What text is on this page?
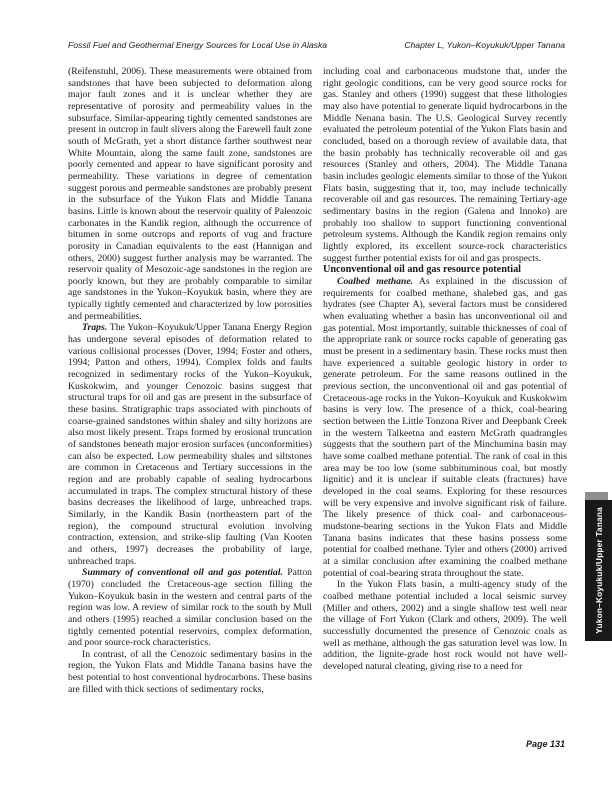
Fossil Fuel and Geothermal Energy Sources for Local Use in Alaska	Chapter L, Yukon–Koyukuk/Upper Tanana

(Reifenstuhl, 2006). These measurements were obtained from sandstones that have been subjected to deformation along major fault zones and it is unclear whether they are representative of porosity and permeability values in the subsurface. Similar-appearing tightly cemented sandstones are present in outcrop in fault slivers along the Farewell fault zone south of McGrath, yet a short distance farther southwest near White Mountain, along the same fault zone, sandstones are poorly cemented and appear to have significant porosity and permeability. These variations in degree of cementation suggest porous and permeable sandstones are probably present in the subsurface of the Yukon Flats and Middle Tanana basins. Little is known about the reservoir quality of Paleozoic carbonates in the Kandik region, although the occurrence of bitumen in some outcrops and reports of vug and fracture porosity in Canadian equivalents to the east (Hannigan and others, 2000) suggest further analysis may be warranted. The reservoir quality of Mesozoic-age sandstones in the region are poorly known, but they are probably comparable to similar age sandstones in the Yukon–Koyukuk basin, where they are typically tightly cemented and characterized by low porosities and permeabilities.

Traps. The Yukon–Koyukuk/Upper Tanana Energy Region has undergone several episodes of deformation related to various collisional processes (Dover, 1994; Foster and others, 1994; Patton and others, 1994). Complex folds and faults recognized in sedimentary rocks of the Yukon–Koyukuk, Kuskokwim, and younger Cenozoic basins suggest that structural traps for oil and gas are present in the subsurface of these basins. Stratigraphic traps associated with pinchouts of coarse-grained sandstones within shaley and silty horizons are also most likely present. Traps formed by erosional truncation of sandstones beneath major erosion surfaces (unconformities) can also be expected. Low permeability shales and siltstones are common in Cretaceous and Tertiary successions in the region and are probably capable of sealing hydrocarbons accumulated in traps. The complex structural history of these basins decreases the likelihood of large, unbreached traps. Similarly, in the Kandik Basin (northeastern part of the region), the compound structural evolution involving contraction, extension, and strike-slip faulting (Van Kooten and others, 1997) decreases the probability of large, unbreached traps.

Summary of conventional oil and gas potential. Patton (1970) concluded the Cretaceous-age section filling the Yukon–Koyukuk basin in the western and central parts of the region was low. A review of similar rock to the south by Mull and others (1995) reached a similar conclusion based on the tightly cemented potential reservoirs, complex deformation, and poor source-rock characteristics.

In contrast, of all the Cenozoic sedimentary basins in the region, the Yukon Flats and Middle Tanana basins have the best potential to host conventional hydrocarbons. These basins are filled with thick sections of sedimentary rocks,

including coal and carbonaceous mudstone that, under the right geologic conditions, can be very good source rocks for gas. Stanley and others (1990) suggest that these lithologies may also have potential to generate liquid hydrocarbons in the Middle Nenana basin. The U.S. Geological Survey recently evaluated the petroleum potential of the Yukon Flats basin and concluded, based on a thorough review of available data, that the basin probably has technically recoverable oil and gas resources (Stanley and others, 2004). The Middle Tanana basin includes geologic elements similar to those of the Yukon Flats basin, suggesting that it, too, may include technically recoverable oil and gas resources. The remaining Tertiary-age sedimentary basins in the region (Galena and Innoko) are probably too shallow to support functioning conventional petroleum systems. Although the Kandik region remains only lightly explored, its excellent source-rock characteristics suggest further potential exists for oil and gas prospects.

Unconventional oil and gas resource potential

Coalbed methane. As explained in the discussion of requirements for coalbed methane, shalebed gas, and gas hydrates (see Chapter A), several factors must be considered when evaluating whether a basin has unconventional oil and gas potential. Most importantly, suitable thicknesses of coal of the appropriate rank or source rocks capable of generating gas must be present in a sedimentary basin. These rocks must then have experienced a suitable geologic history in order to generate petroleum. For the same reasons outlined in the previous section, the unconventional oil and gas potential of Cretaceous-age rocks in the Yukon–Koyukuk and Kuskokwim basins is very low. The presence of a thick, coal-bearing section between the Little Tonzona River and Deepbank Creek in the western Talkeetna and eastern McGrath quadrangles suggests that the southern part of the Minchumina basin may have some coalbed methane potential. The rank of coal in this area may be too low (some subbituminous coal, but mostly lignitic) and it is unclear if suitable cleats (fractures) have developed in the coal seams. Exploring for these resources will be very expensive and involve significant risk of failure. The likely presence of thick coal- and carbonaceous-mudstone-bearing sections in the Yukon Flats and Middle Tanana basins indicates that these basins possess some potential for coalbed methane. Tyler and others (2000) arrived at a similar conclusion after examining the coalbed methane potential of coal-bearing strata throughout the state.

In the Yukon Flats basin, a multi-agency study of the coalbed methane potential included a local seismic survey (Miller and others, 2002) and a single shallow test well near the village of Fort Yukon (Clark and others, 2009). The well successfully documented the presence of Cenozoic coals as well as methane, although the gas saturation level was low. In addition, the lignite-grade host rock would not have well-developed natural cleating, giving rise to a need for

Yukon–Koyukuk/Upper Tanana
Page 131
